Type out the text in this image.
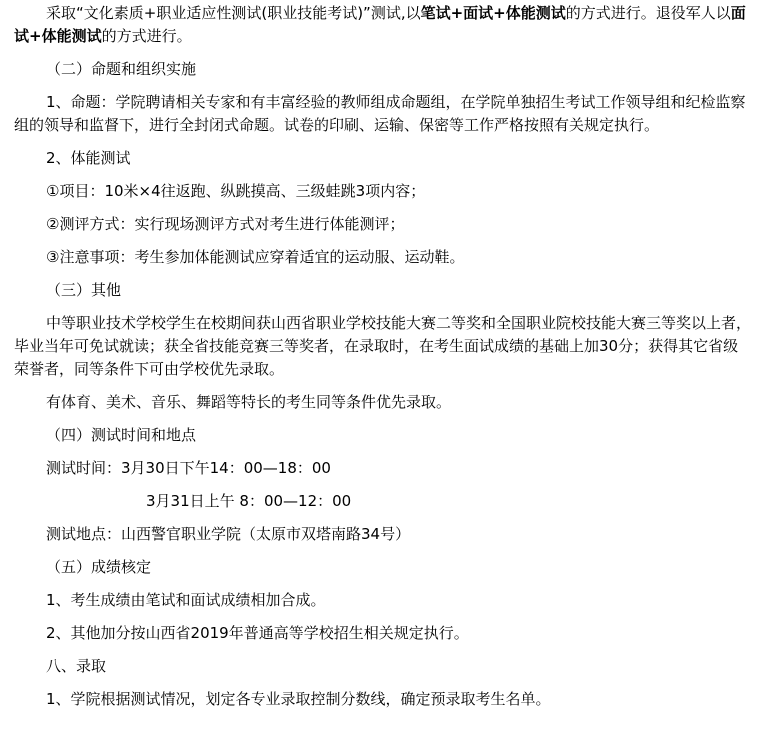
采取“文化素质+职业适应性测试(职业技能考试)”测试,以笔试+面试+体能测试的方式进行。退役军人以面试+体能测试的方式进行。

（二）命题和组织实施

1、命题：学院聘请相关专家和有丰富经验的教师组成命题组，在学院单独招生考试工作领导组和纪检监察组的领导和监督下，进行全封闭式命题。试卷的印刷、运输、保密等工作严格按照有关规定执行。

2、体能测试

①项目：10米×4往返跑、纵跳摸高、三级蛙跳3项内容；

②测评方式：实行现场测评方式对考生进行体能测评；

③注意事项：考生参加体能测试应穿着适宜的运动服、运动鞋。

（三）其他

中等职业技术学校学生在校期间获山西省职业学校技能大赛二等奖和全国职业院校技能大赛三等奖以上者，毕业当年可免试就读；获全省技能竞赛三等奖者，在录取时，在考生面试成绩的基础上加30分；获得其它省级荣誉者，同等条件下可由学校优先录取。

有体育、美术、音乐、舞蹈等特长的考生同等条件优先录取。

（四）测试时间和地点

测试时间：3月30日下午14：00—18：00

3月31日上午 8：00—12：00

测试地点：山西警官职业学院（太原市双塔南路34号）

（五）成绩核定

1、考生成绩由笔试和面试成绩相加合成。

2、其他加分按山西省2019年普通高等学校招生相关规定执行。

八、录取

1、学院根据测试情况，划定各专业录取控制分数线，确定预录取考生名单。
